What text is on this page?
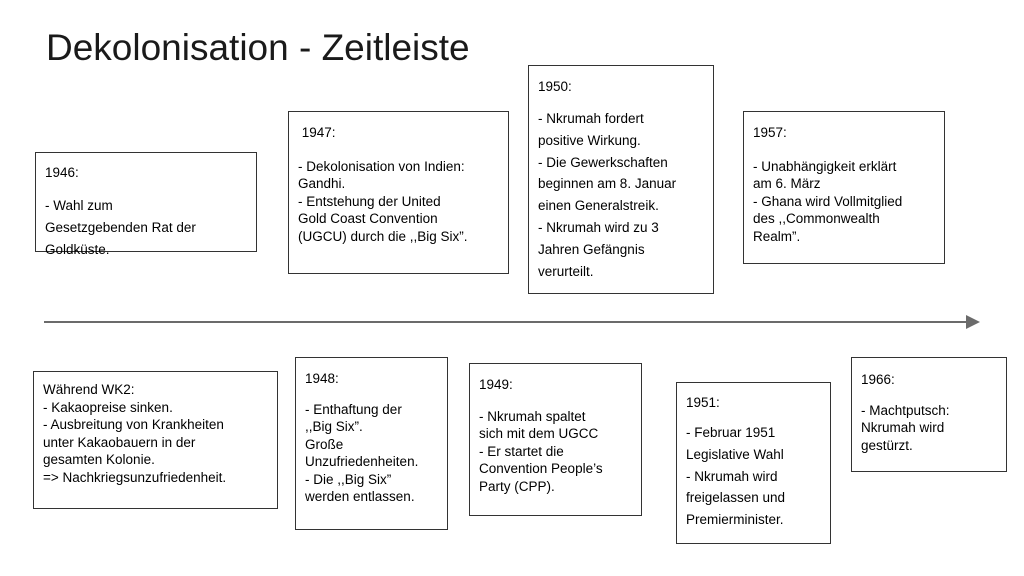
Dekolonisation - Zeitleiste
1946:
- Wahl zum
Gesetzgebenden Rat der
Goldküste.
1947:
- Dekolonisation von Indien:
Gandhi.
- Entstehung der United
Gold Coast Convention
(UGCU) durch die ,,Big Six”.
1950:
- Nkrumah fordert
positive Wirkung.
- Die Gewerkschaften
beginnen am 8. Januar
einen Generalstreik.
- Nkrumah wird zu 3
Jahren Gefängnis
verurteilt.
1957:
- Unabhängigkeit erklärt
am 6. März
- Ghana wird Vollmitglied
des ,,Commonwealth
Realm”.
Während WK2:
- Kakaopreise sinken.
- Ausbreitung von Krankheiten
unter Kakaobauern in der
gesamten Kolonie.
=> Nachkriegsunzufriedenheit.
1948:
- Enthaftung der
,,Big Six”.
Große
Unzufriedenheiten.
- Die ,,Big Six”
werden entlassen.
1949:
- Nkrumah spaltet
sich mit dem UGCC
- Er startet die
Convention People’s
Party (CPP).
1951:
- Februar 1951
Legislative Wahl
- Nkrumah wird
freigelassen und
Premierminister.
1966:
- Machtputsch:
Nkrumah wird
gestürzt.
